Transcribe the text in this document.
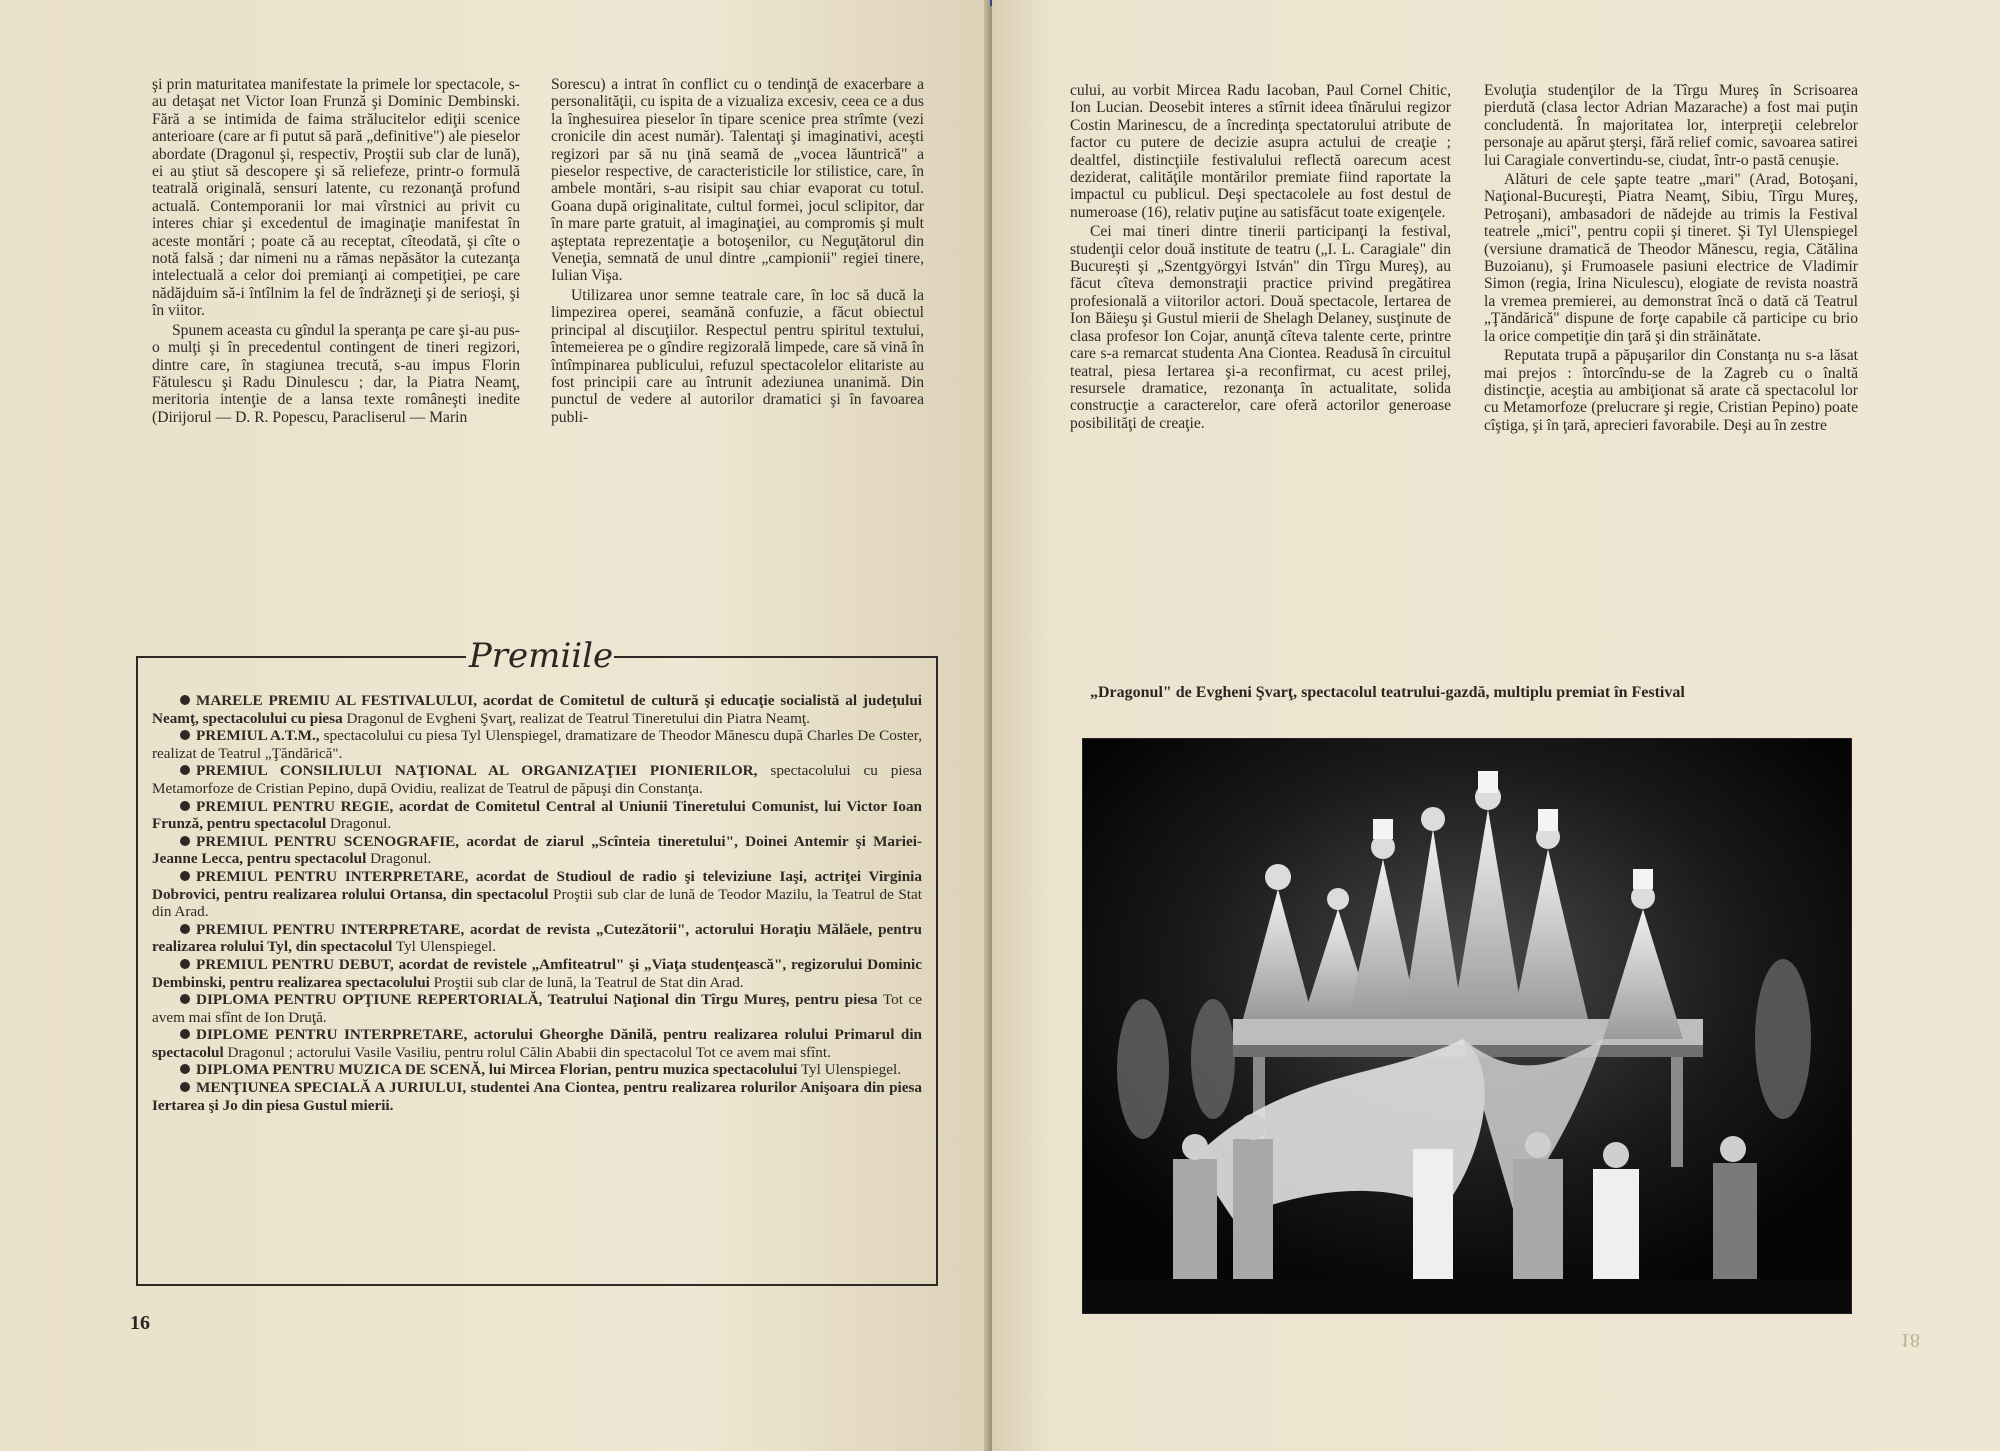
şi prin maturitatea manifestate la primele lor spectacole, s-au detaşat net Victor Ioan Frunză şi Dominic Dembinski. Fără a se intimida de faima strălucitelor ediţii scenice anterioare (care ar fi putut să pară „definitive") ale pieselor abordate (Dragonul şi, respectiv, Proştii sub clar de lună), ei au ştiut să descopere şi să reliefeze, printr-o formulă teatrală originală, sensuri latente, cu rezonanţă profund actuală. Contemporanii lor mai vîrstnici au privit cu interes chiar şi excedentul de imaginaţie manifestat în aceste montări ; poate că au receptat, cîteodată, şi cîte o notă falsă ; dar nimeni nu a rămas nepăsător la cutezanţa intelectuală a celor doi premianţi ai competiţiei, pe care nădăjduim să-i întîlnim la fel de îndrăzneţi şi de serioşi, şi în viitor.

Spunem aceasta cu gîndul la speranţa pe care şi-au pus-o mulţi şi în precedentul contingent de tineri regizori, dintre care, în stagiunea trecută, s-au impus Florin Fătulescu şi Radu Dinulescu ; dar, la Piatra Neamţ, meritoria intenţie de a lansa texte româneşti inedite (Dirijorul — D. R. Popescu, Paracliserul — Marin

Sorescu) a intrat în conflict cu o tendinţă de exacerbare a personalităţii, cu ispita de a vizualiza excesiv, ceea ce a dus la înghesuirea pieselor în tipare scenice prea strîmte (vezi cronicile din acest număr). Talentaţi şi imaginativi, aceşti regizori par să nu ţină seamă de „vocea lăuntrică" a pieselor respective, de caracteristicile lor stilistice, care, în ambele montări, s-au risipit sau chiar evaporat cu totul. Goana după originalitate, cultul formei, jocul sclipitor, dar în mare parte gratuit, al imaginaţiei, au compromis şi mult aşteptata reprezentaţie a botoşenilor, cu Neguţătorul din Veneţia, semnată de unul dintre „campionii" regiei tinere, Iulian Vişa.

Utilizarea unor semne teatrale care, în loc să ducă la limpezirea operei, seamănă confuzie, a făcut obiectul principal al discuţiilor. Respectul pentru spiritul textului, întemeierea pe o gîndire regizorală limpede, care să vină în întîmpinarea publicului, refuzul spectacolelor elitariste au fost principii care au întrunit adeziunea unanimă. Din punctul de vedere al autorilor dramatici şi în favoarea publi-

Premiile

MARELE PREMIU AL FESTIVALULUI, acordat de Comitetul de cultură şi educaţie socialistă al judeţului Neamţ, spectacolului cu piesa Dragonul de Evgheni Şvarţ, realizat de Teatrul Tineretului din Piatra Neamţ.

PREMIUL A.T.M., spectacolului cu piesa Tyl Ulenspiegel, dramatizare de Theodor Mănescu după Charles De Coster, realizat de Teatrul „Ţăndărică".

PREMIUL CONSILIULUI NAŢIONAL AL ORGANIZAŢIEI PIONIERILOR, spectacolului cu piesa Metamorfoze de Cristian Pepino, după Ovidiu, realizat de Teatrul de păpuşi din Constanţa.

PREMIUL PENTRU REGIE, acordat de Comitetul Central al Uniunii Tineretului Comunist, lui Victor Ioan Frunză, pentru spectacolul Dragonul.

PREMIUL PENTRU SCENOGRAFIE, acordat de ziarul „Scînteia tineretului", Doinei Antemir şi Mariei-Jeanne Lecca, pentru spectacolul Dragonul.

PREMIUL PENTRU INTERPRETARE, acordat de Studioul de radio şi televiziune Iaşi, actriţei Virginia Dobrovici, pentru realizarea rolului Ortansa, din spectacolul Proştii sub clar de lună de Teodor Mazilu, la Teatrul de Stat din Arad.

PREMIUL PENTRU INTERPRETARE, acordat de revista „Cutezătorii", actorului Horaţiu Mălăele, pentru realizarea rolului Tyl, din spectacolul Tyl Ulenspiegel.

PREMIUL PENTRU DEBUT, acordat de revistele „Amfiteatrul" şi „Viaţa studenţească", regizorului Dominic Dembinski, pentru realizarea spectacolului Proştii sub clar de lună, la Teatrul de Stat din Arad.

DIPLOMA PENTRU OPŢIUNE REPERTORIALĂ, Teatrului Naţional din Tîrgu Mureş, pentru piesa Tot ce avem mai sfînt de Ion Druţă.

DIPLOME PENTRU INTERPRETARE, actorului Gheorghe Dănilă, pentru realizarea rolului Primarul din spectacolul Dragonul ; actorului Vasile Vasiliu, pentru rolul Călin Ababii din spectacolul Tot ce avem mai sfînt.

DIPLOMA PENTRU MUZICA DE SCENĂ, lui Mircea Florian, pentru muzica spectacolului Tyl Ulenspiegel.

MENŢIUNEA SPECIALĂ A JURIULUI, studentei Ana Ciontea, pentru realizarea rolurilor Anişoara din piesa Iertarea şi Jo din piesa Gustul mierii.

16

cului, au vorbit Mircea Radu Iacoban, Paul Cornel Chitic, Ion Lucian. Deosebit interes a stîrnit ideea tînărului regizor Costin Marinescu, de a încredinţa spectatorului atribute de factor cu putere de decizie asupra actului de creaţie ; dealtfel, distincţiile festivalului reflectă oarecum acest deziderat, calităţile montărilor premiate fiind raportate la impactul cu publicul. Deşi spectacolele au fost destul de numeroase (16), relativ puţine au satisfăcut toate exigenţele.

Cei mai tineri dintre tinerii participanţi la festival, studenţii celor două institute de teatru („I. L. Caragiale" din Bucureşti şi „Szentgyörgyi István" din Tîrgu Mureş), au făcut cîteva demonstraţii practice privind pregătirea profesională a viitorilor actori. Două spectacole, Iertarea de Ion Băieşu şi Gustul mierii de Shelagh Delaney, susţinute de clasa profesor Ion Cojar, anunţă cîteva talente certe, printre care s-a remarcat studenta Ana Ciontea. Readusă în circuitul teatral, piesa Iertarea şi-a reconfirmat, cu acest prilej, resursele dramatice, rezonanţa în actualitate, solida construcţie a caracterelor, care oferă actorilor generoase posibilităţi de creaţie.

Evoluţia studenţilor de la Tîrgu Mureş în Scrisoarea pierdută (clasa lector Adrian Mazarache) a fost mai puţin concludentă. În majoritatea lor, interpreţii celebrelor personaje au apărut şterşi, fără relief comic, savoarea satirei lui Caragiale convertindu-se, ciudat, într-o pastă cenuşie.

Alături de cele şapte teatre „mari" (Arad, Botoşani, Naţional-Bucureşti, Piatra Neamţ, Sibiu, Tîrgu Mureş, Petroşani), ambasadori de nădejde au trimis la Festival teatrele „mici", pentru copii şi tineret. Şi Tyl Ulenspiegel (versiune dramatică de Theodor Mănescu, regia, Cătălina Buzoianu), şi Frumoasele pasiuni electrice de Vladimir Simon (regia, Irina Niculescu), elogiate de revista noastră la vremea premierei, au demonstrat încă o dată că Teatrul „Ţăndărică" dispune de forţe capabile că participe cu brio la orice competiţie din ţară şi din străinătate.

Reputata trupă a păpuşarilor din Constanţa nu s-a lăsat mai prejos : întorcîndu-se de la Zagreb cu o înaltă distincţie, aceştia au ambiţionat să arate că spectacolul lor cu Metamorfoze (prelucrare şi regie, Cristian Pepino) poate cîştiga, şi în ţară, aprecieri favorabile. Deşi au în zestre

„Dragonul" de Evgheni Şvarţ, spectacolul teatrului-gazdă, multiplu premiat în Festival
18
